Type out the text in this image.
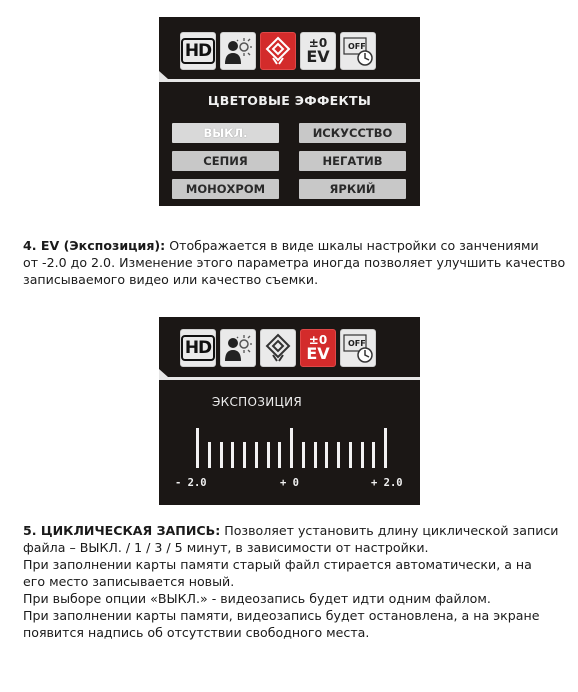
HD	±0
EV
OFF
ЦВЕТОВЫЕ ЭФФЕКТЫ
ВЫКЛ.	ИСКУССТВО
СЕПИЯ	НЕГАТИВ
МОНОХРОМ	ЯРКИЙ
4. EV (Экспозиция): Отображается в виде шкалы настройки со занчениями
от -2.0 до 2.0. Изменение этого параметра иногда позволяет улучшить качество
записываемого видео или качество съемки.
HD	±0
EV
OFF
ЭКСПОЗИЦИЯ
- 2.0	+ 0	+ 2.0
5. ЦИКЛИЧЕСКАЯ ЗАПИСЬ: Позволяет установить длину циклической записи
файла – ВЫКЛ. / 1 / 3 / 5 минут, в зависимости от настройки.
При заполнении карты памяти старый файл стирается автоматически, а на
его место записывается новый.
При выборе опции «ВЫКЛ.» - видеозапись будет идти одним файлом.
При заполнении карты памяти, видеозапись будет остановлена, а на экране
появится надпись об отсутствии свободного места.
